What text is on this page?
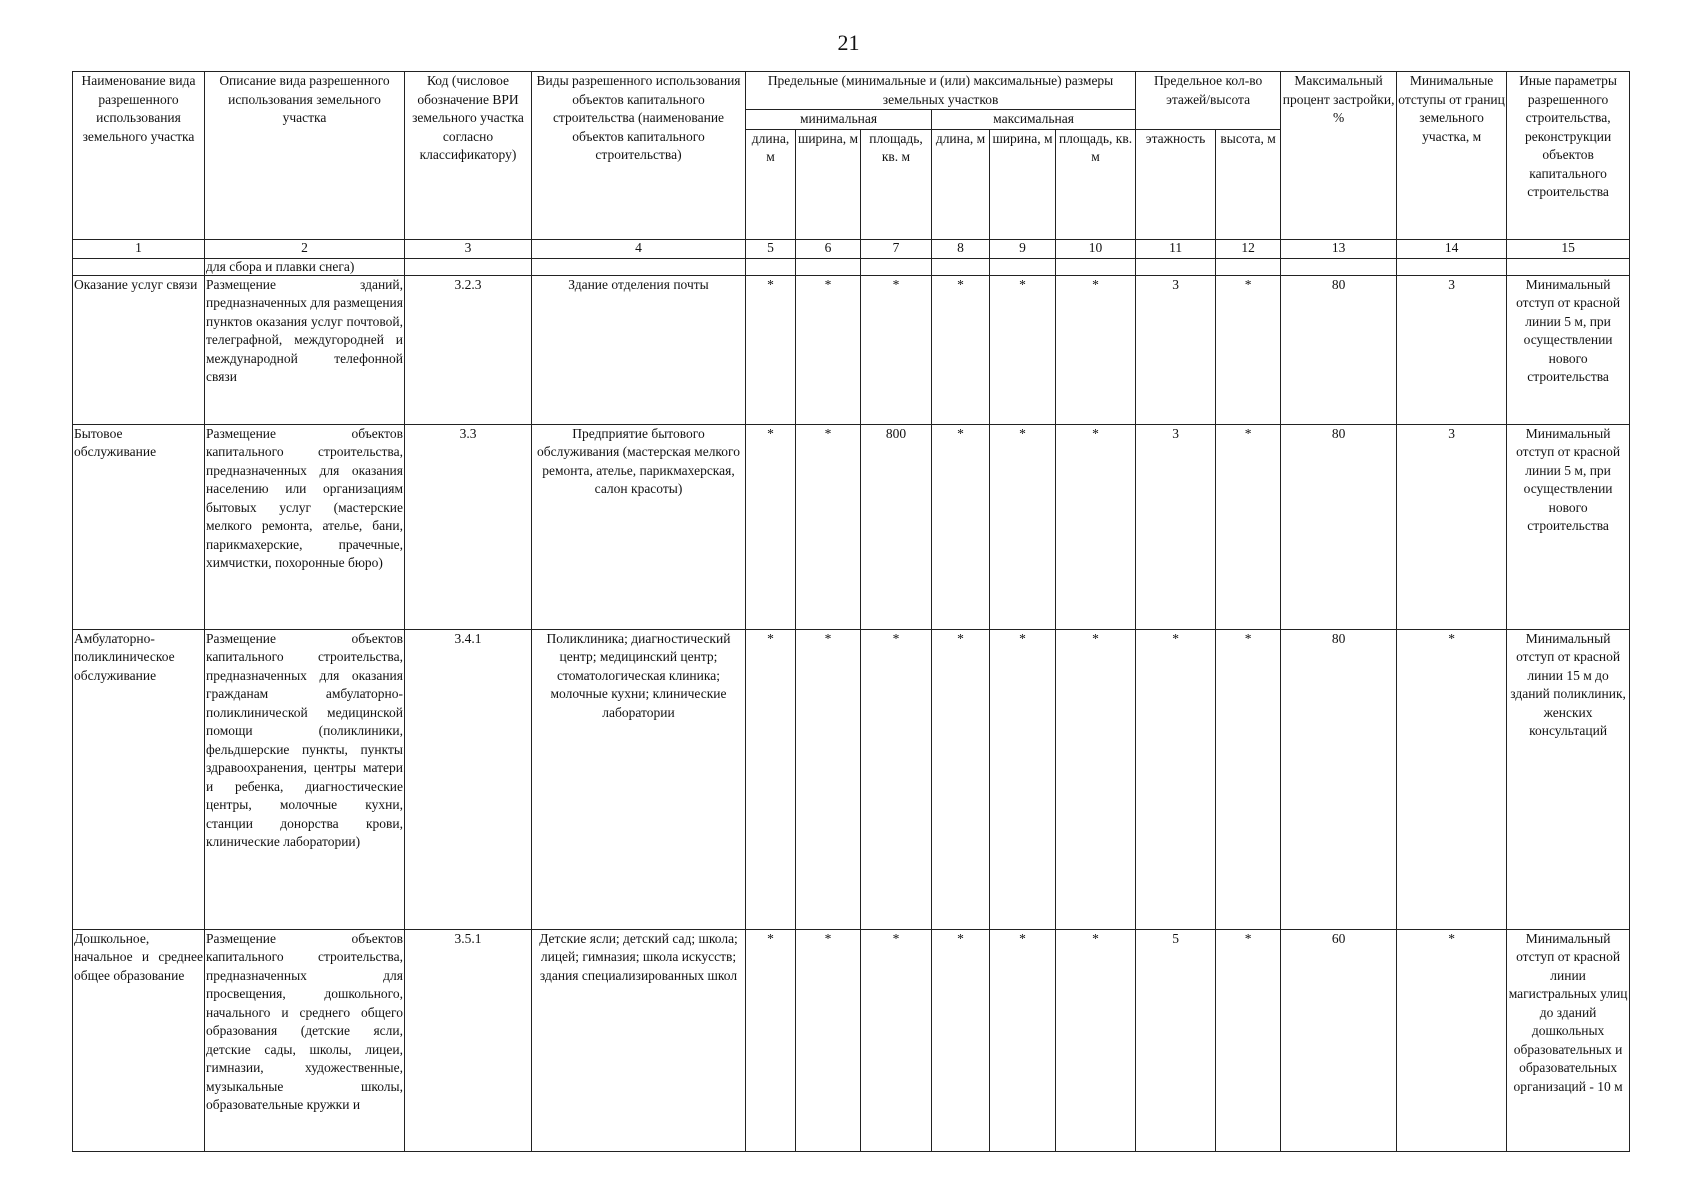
21
Наименование вида разрешенного использования земельного участка	Описание вида разрешенного использования земельного участка	Код (числовое обозначение ВРИ земельного участка согласно классификатору)	Виды разрешенного использования объектов капитального строительства (наименование объектов капитального строительства)	Предельные (минимальные и (или) максимальные) размеры земельных участков						Предельное кол-во этажей/высота		Максимальный процент застройки, %	Минимальные отступы от границ земельного участка, м	Иные параметры разрешенного строительства, реконструкции объектов капитального строительства
				минимальная			максимальная							
				длина, м	ширина, м	площадь, кв. м	длина, м	ширина, м	площадь, кв. м	этажность	высота, м			
1	2	3	4	5	6	7	8	9	10	11	12	13	14	15
	для сбора и плавки снега)													
Оказание услуг связи	Размещение зданий, предназначенных для размещения пунктов оказания услуг почтовой, телеграфной, междугородней и международной телефонной связи	3.2.3	Здание отделения почты	*	*	*	*	*	*	3	*	80	3	Минимальный отступ от красной линии 5 м, при осуществлении нового строительства
Бытовое обслуживание	Размещение объектов капитального строительства, предназначенных для оказания населению или организациям бытовых услуг (мастерские мелкого ремонта, ателье, бани, парикмахерские, прачечные, химчистки, похоронные бюро)	3.3	Предприятие бытового обслуживания (мастерская мелкого ремонта, ателье, парикмахерская, салон красоты)	*	*	800	*	*	*	3	*	80	3	Минимальный отступ от красной линии 5 м, при осуществлении нового строительства
Амбулаторно-поликлиническое обслуживание	Размещение объектов капитального строительства, предназначенных для оказания гражданам амбулаторно-поликлинической медицинской помощи (поликлиники, фельдшерские пункты, пункты здравоохранения, центры матери и ребенка, диагностические центры, молочные кухни, станции донорства крови, клинические лаборатории)	3.4.1	Поликлиника; диагностический центр; медицинский центр; стоматологическая клиника; молочные кухни; клинические лаборатории	*	*	*	*	*	*	*	*	80	*	Минимальный отступ от красной линии 15 м до зданий поликлиник, женских консультаций
Дошкольное, начальное и среднее общее образование	Размещение объектов капитального строительства, предназначенных для просвещения, дошкольного, начального и среднего общего образования (детские ясли, детские сады, школы, лицеи, гимназии, художественные, музыкальные школы, образовательные кружки и	3.5.1	Детские ясли; детский сад; школа; лицей; гимназия; школа искусств; здания специализированных школ	*	*	*	*	*	*	5	*	60	*	Минимальный отступ от красной линии магистральных улиц до зданий дошкольных образовательных и образовательных организаций - 10 м
